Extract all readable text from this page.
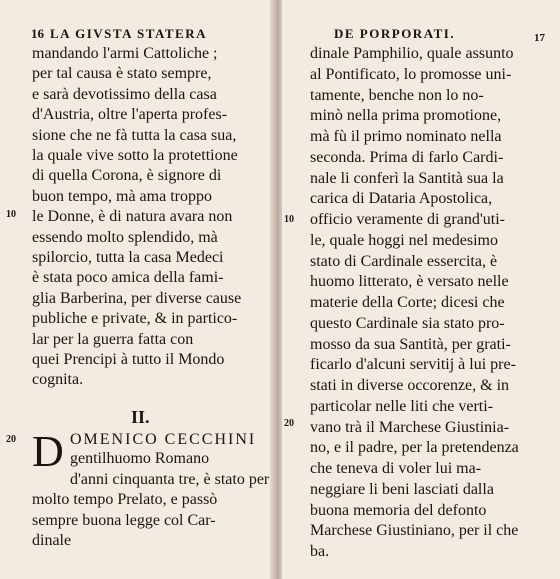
16 LA GIVSTA STATERA
mandando l'armi Cattoliche ;
per tal causa è stato sempre,
e sarà devotissimo della casa
d'Austria, oltre l'aperta profes-
sione che ne fà tutta la casa sua,
la quale vive sotto la protettione
di quella Corona, è signore di
buon tempo, mà ama troppo
le Donne, è di natura avara non
essendo molto splendido, mà
spilorcio, tutta la casa Medeci
è stata poco amica della fami-
glia Barberina, per diverse cause
publiche e private, & in partico-
lar per la guerra fatta con
quei Prencipi à tutto il Mondo
cognita.
10
20
II.
D OMENICO CECCHINI
gentilhuomo Romano
d'anni cinquanta tre, è stato per
molto tempo Prelato, e passò
sempre buona legge col Car-
dinale
DE PORPORATI.	17
10
20
dinale Pamphilio, quale assunto
al Pontificato, lo promosse uni-
tamente, benche non lo no-
minò nella prima promotione,
mà fù il primo nominato nella
seconda. Prima di farlo Cardi-
nale li conferì la Santità sua la
carica di Dataria Apostolica,
officio veramente di grand'uti-
le, quale hoggi nel medesimo
stato di Cardinale essercita, è
huomo litterato, è versato nelle
materie della Corte; dicesi che
questo Cardinale sia stato pro-
mosso da sua Santità, per grati-
ficarlo d'alcuni servitij à lui pre-
stati in diverse occorenze, & in
particolar nelle liti che verti-
vano trà il Marchese Giustinia-
no, e il padre, per la pretendenza
che teneva di voler lui ma-
neggiare li beni lasciati dalla
buona memoria del defonto
Marchese Giustiniano, per il che
ba.
